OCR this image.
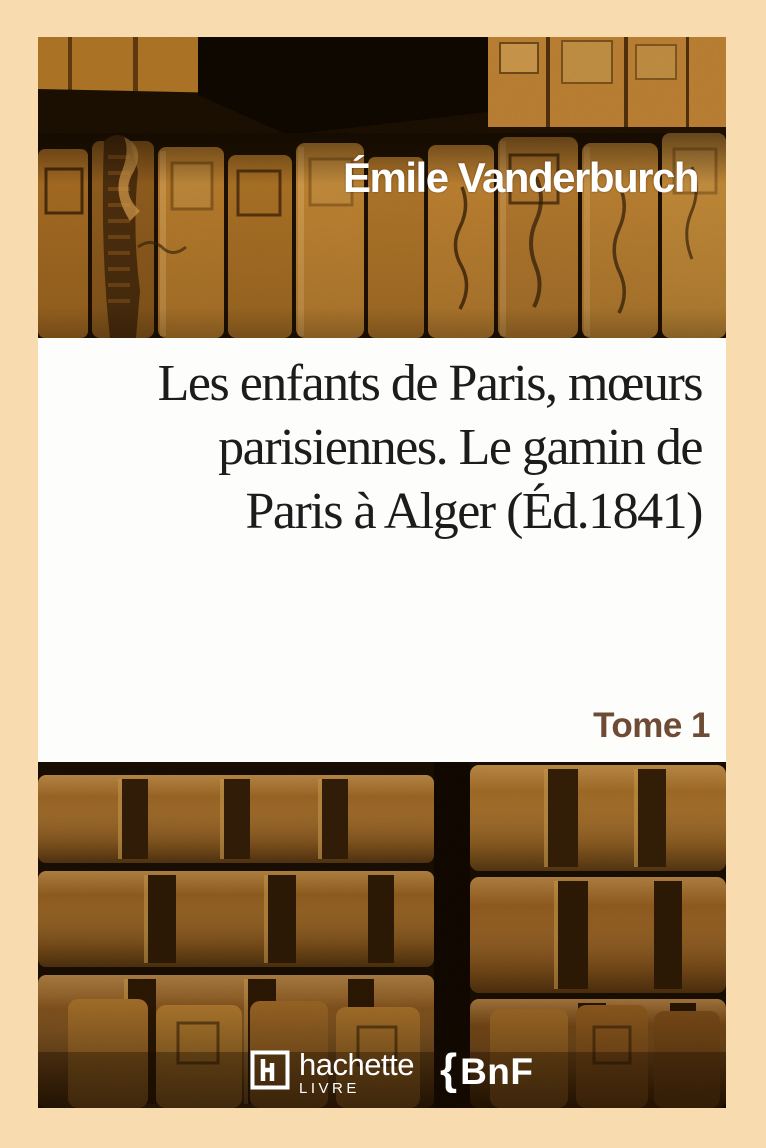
Émile Vanderburch
Les enfants de Paris, mœurs
parisiennes. Le gamin de
Paris à Alger (Éd.1841)
Tome 1
hachette
LIVRE	{ BnF
